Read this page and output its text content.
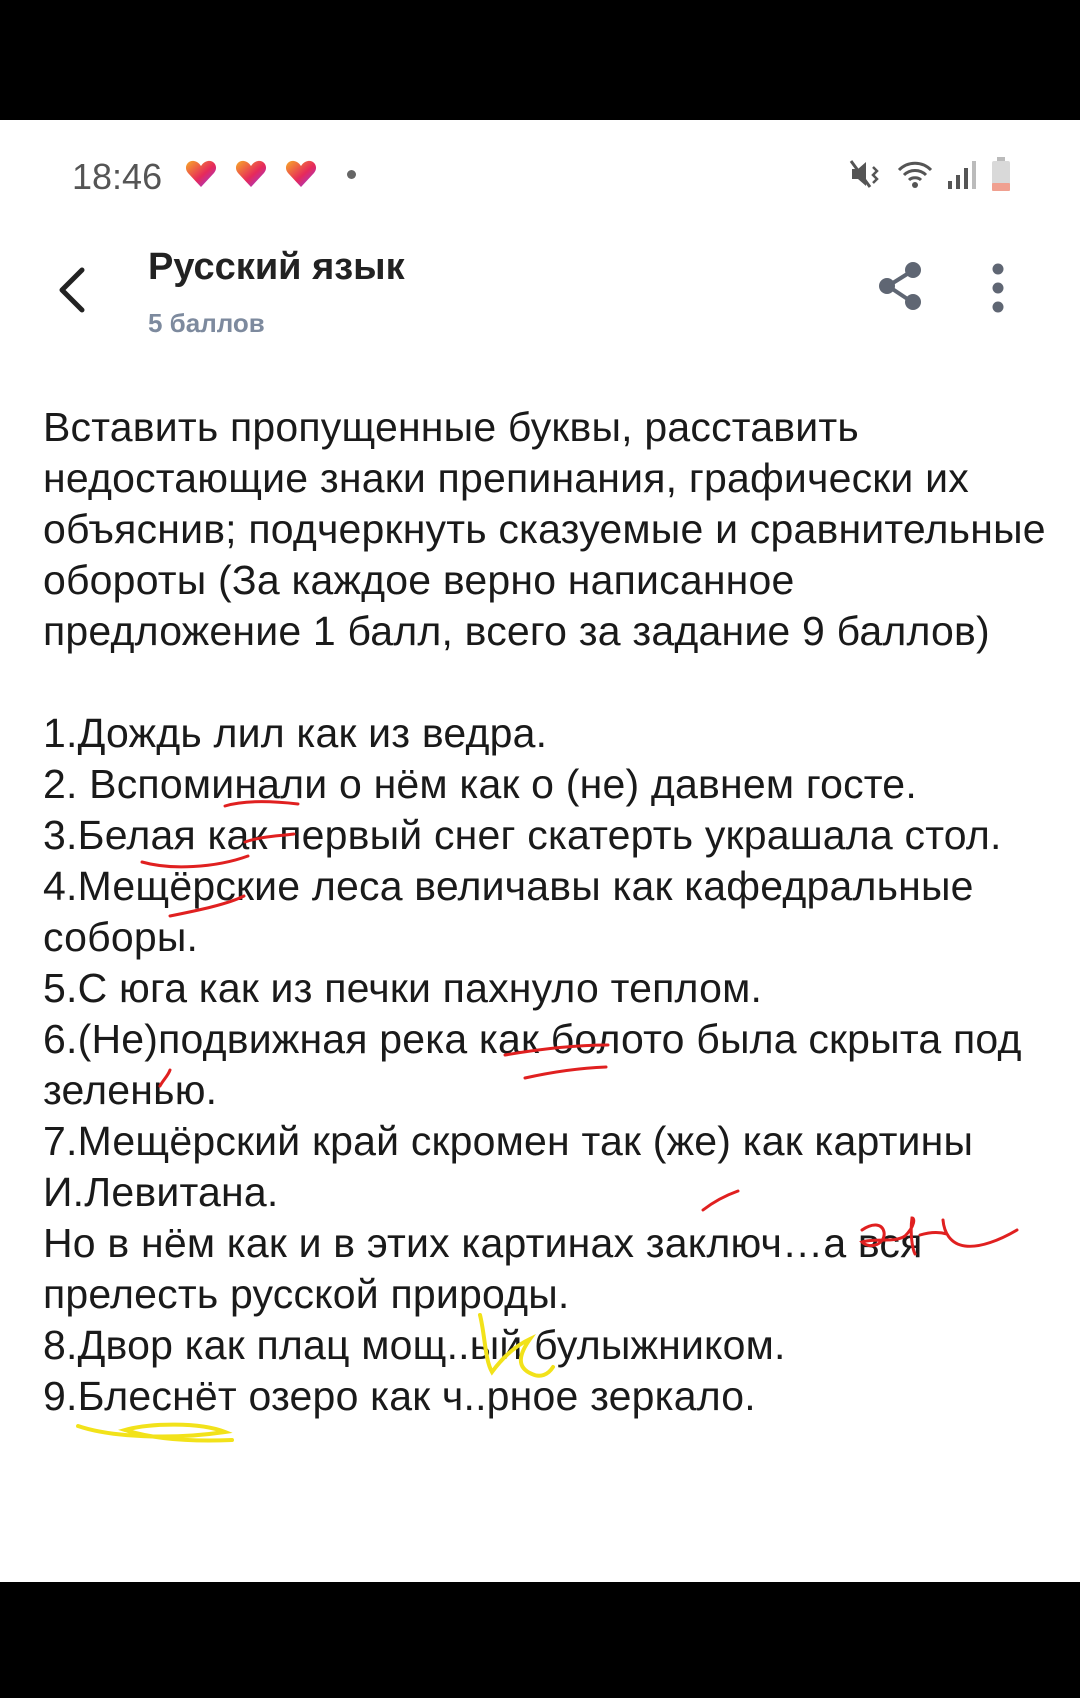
18:46
Русский язык
5 баллов

Вставить пропущенные буквы, расставить недостающие знаки препинания, графически их объяснив; подчеркнуть сказуемые и сравнительные обороты (За каждое верно написанное предложение 1 балл, всего за задание 9 баллов)

1.Дождь лил как из ведра.
2. Вспоминали о нём как о (не) давнем госте.
3.Белая как первый снег скатерть украшала стол.
4.Мещёрские леса величавы как кафедральные соборы.
5.С юга как из печки пахнуло теплом.
6.(Не)подвижная река как болото была скрыта под зеленью.
7.Мещёрский край скромен так (же) как картины И.Левитана.
Но в нём как и в этих картинах заключ…а вся прелесть русской природы.
8.Двор как плац мощ..ый булыжником.
9.Блеснёт озеро как ч..рное зеркало.
